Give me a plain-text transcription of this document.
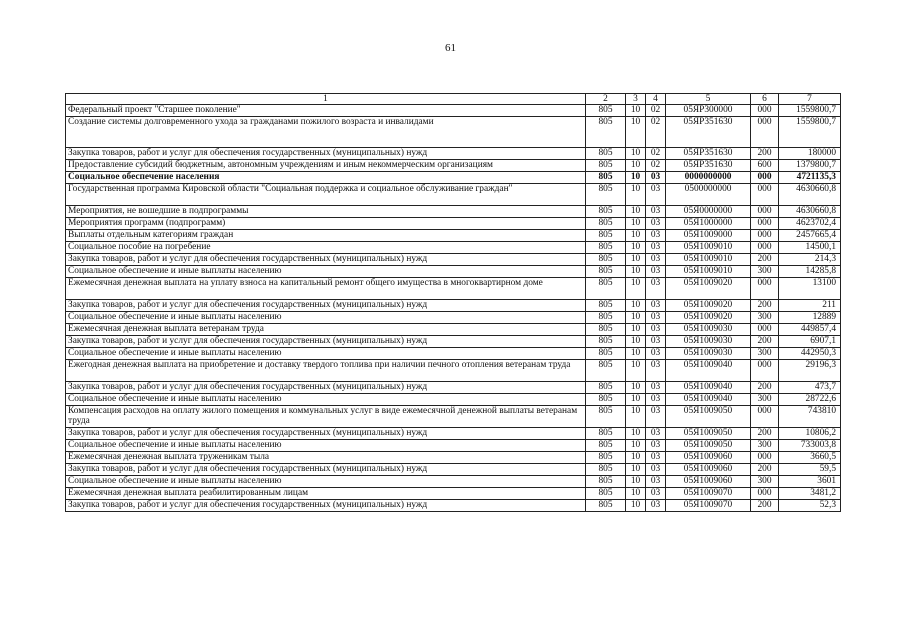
61
1	2	3	4	5	6	7
Федеральный проект "Старшее поколение"	805	10	02	05ЯP300000	000	1559800,7
Создание системы долговременного ухода за гражданами пожилого возраста и инвалидами	805	10	02	05ЯP351630	000	1559800,7
Закупка товаров, работ и услуг для обеспечения государственных (муниципальных) нужд	805	10	02	05ЯP351630	200	180000
Предоставление субсидий бюджетным, автономным учреждениям и иным некоммерческим организациям	805	10	02	05ЯP351630	600	1379800,7
Социальное обеспечение населения	805	10	03	0000000000	000	4721135,3
Государственная программа Кировской области "Социальная поддержка и социальное обслуживание граждан"	805	10	03	0500000000	000	4630660,8
Мероприятия, не вошедшие в подпрограммы	805	10	03	05Я0000000	000	4630660,8
Мероприятия программ (подпрограмм)	805	10	03	05Я1000000	000	4623702,4
Выплаты отдельным категориям граждан	805	10	03	05Я1009000	000	2457665,4
Социальное пособие на погребение	805	10	03	05Я1009010	000	14500,1
Закупка товаров, работ и услуг для обеспечения государственных (муниципальных) нужд	805	10	03	05Я1009010	200	214,3
Социальное обеспечение и иные выплаты населению	805	10	03	05Я1009010	300	14285,8
Ежемесячная денежная выплата на уплату взноса на капитальный ремонт общего имущества в многоквартирном доме	805	10	03	05Я1009020	000	13100
Закупка товаров, работ и услуг для обеспечения государственных (муниципальных) нужд	805	10	03	05Я1009020	200	211
Социальное обеспечение и иные выплаты населению	805	10	03	05Я1009020	300	12889
Ежемесячная денежная выплата ветеранам труда	805	10	03	05Я1009030	000	449857,4
Закупка товаров, работ и услуг для обеспечения государственных (муниципальных) нужд	805	10	03	05Я1009030	200	6907,1
Социальное обеспечение и иные выплаты населению	805	10	03	05Я1009030	300	442950,3
Ежегодная денежная выплата на приобретение и доставку твердого топлива при наличии печного отопления ветеранам труда	805	10	03	05Я1009040	000	29196,3
Закупка товаров, работ и услуг для обеспечения государственных (муниципальных) нужд	805	10	03	05Я1009040	200	473,7
Социальное обеспечение и иные выплаты населению	805	10	03	05Я1009040	300	28722,6
Компенсация расходов на оплату жилого помещения и коммунальных услуг в виде ежемесячной денежной выплаты ветеранам труда	805	10	03	05Я1009050	000	743810
Закупка товаров, работ и услуг для обеспечения государственных (муниципальных) нужд	805	10	03	05Я1009050	200	10806,2
Социальное обеспечение и иные выплаты населению	805	10	03	05Я1009050	300	733003,8
Ежемесячная денежная выплата труженикам тыла	805	10	03	05Я1009060	000	3660,5
Закупка товаров, работ и услуг для обеспечения государственных (муниципальных) нужд	805	10	03	05Я1009060	200	59,5
Социальное обеспечение и иные выплаты населению	805	10	03	05Я1009060	300	3601
Ежемесячная денежная выплата реабилитированным лицам	805	10	03	05Я1009070	000	3481,2
Закупка товаров, работ и услуг для обеспечения государственных (муниципальных) нужд	805	10	03	05Я1009070	200	52,3
